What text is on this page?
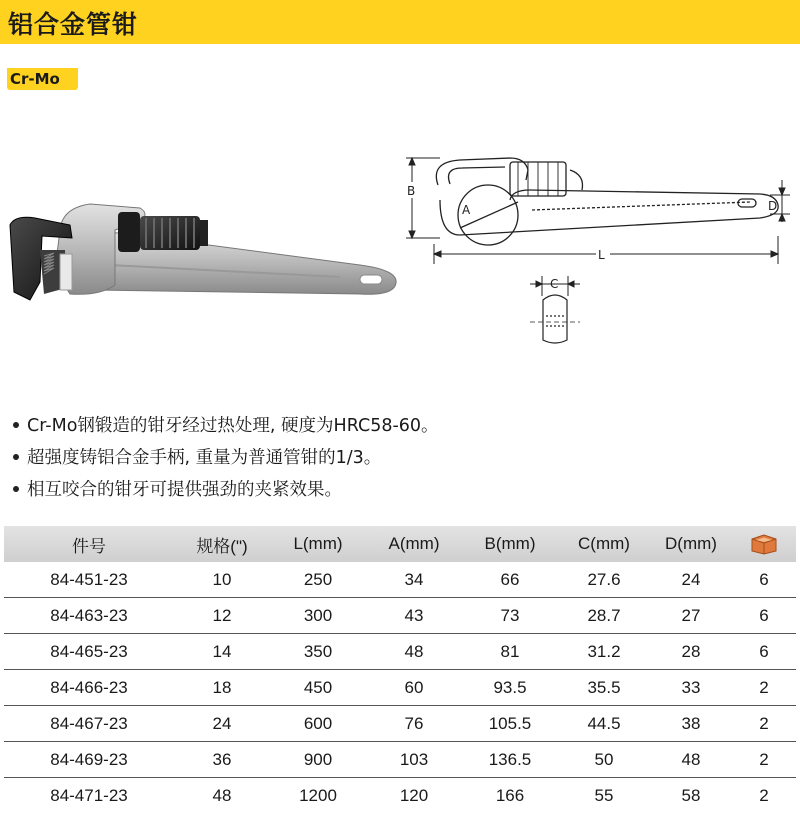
铝合金管钳
Cr-Mo
A
B
D
L
C
Cr-Mo钢锻造的钳牙经过热处理, 硬度为HRC58-60。
超强度铸铝合金手柄, 重量为普通管钳的1/3。
相互咬合的钳牙可提供强劲的夹紧效果。
件号	规格(")	L(mm)	A(mm)	B(mm)	C(mm)	D(mm)	
84-451-23	10	250	34	66	27.6	24	6
84-463-23	12	300	43	73	28.7	27	6
84-465-23	14	350	48	81	31.2	28	6
84-466-23	18	450	60	93.5	35.5	33	2
84-467-23	24	600	76	105.5	44.5	38	2
84-469-23	36	900	103	136.5	50	48	2
84-471-23	48	1200	120	166	55	58	2
